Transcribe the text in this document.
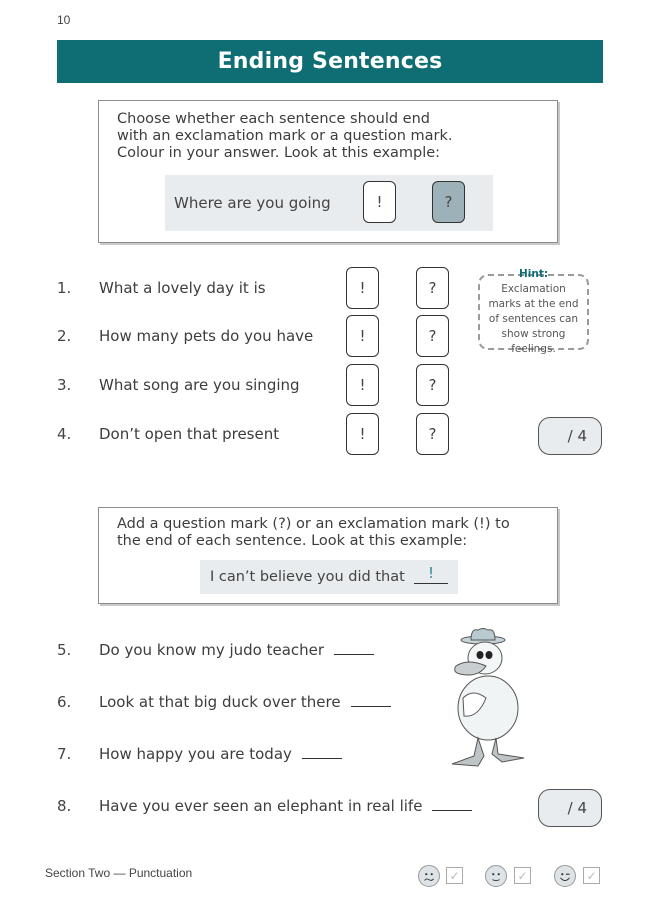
10
Ending Sentences
Choose whether each sentence should end
with an exclamation mark or a question mark.
Colour in your answer. Look at this example:
Where are you going	!	?
1. What a lovely day it is	!	?
2. How many pets do you have	!	?
3. What song are you singing	!	?
4. Don’t open that present	!	?
Hint: Exclamation marks at the end of sentences can show strong feelings.
/ 4
Add a question mark (?) or an exclamation mark (!) to
the end of each sentence. Look at this example:
I can’t believe you did that	!
5. Do you know my judo teacher
6. Look at that big duck over there
7. How happy you are today
8. Have you ever seen an elephant in real life	/ 4
Section Two — Punctuation	✓	✓	✓
